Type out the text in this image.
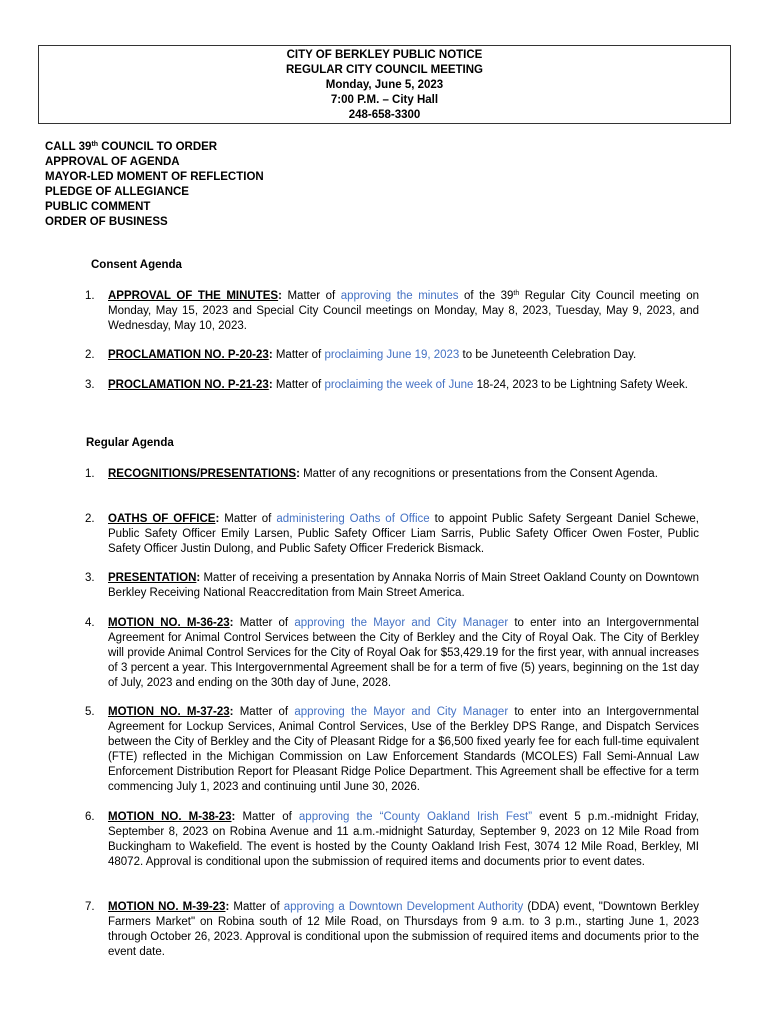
CITY OF BERKLEY PUBLIC NOTICE
REGULAR CITY COUNCIL MEETING
Monday, June 5, 2023
7:00 P.M. – City Hall
248-658-3300
CALL 39th COUNCIL TO ORDER
APPROVAL OF AGENDA
MAYOR-LED MOMENT OF REFLECTION
PLEDGE OF ALLEGIANCE
PUBLIC COMMENT
ORDER OF BUSINESS
Consent Agenda
1. APPROVAL OF THE MINUTES: Matter of approving the minutes of the 39th Regular City Council meeting on Monday, May 15, 2023 and Special City Council meetings on Monday, May 8, 2023, Tuesday, May 9, 2023, and Wednesday, May 10, 2023.
2. PROCLAMATION NO. P-20-23: Matter of proclaiming June 19, 2023 to be Juneteenth Celebration Day.
3. PROCLAMATION NO. P-21-23: Matter of proclaiming the week of June 18-24, 2023 to be Lightning Safety Week.
Regular Agenda
1. RECOGNITIONS/PRESENTATIONS: Matter of any recognitions or presentations from the Consent Agenda.
2. OATHS OF OFFICE: Matter of administering Oaths of Office to appoint Public Safety Sergeant Daniel Schewe, Public Safety Officer Emily Larsen, Public Safety Officer Liam Sarris, Public Safety Officer Owen Foster, Public Safety Officer Justin Dulong, and Public Safety Officer Frederick Bismack.
3. PRESENTATION: Matter of receiving a presentation by Annaka Norris of Main Street Oakland County on Downtown Berkley Receiving National Reaccreditation from Main Street America.
4. MOTION NO. M-36-23: Matter of approving the Mayor and City Manager to enter into an Intergovernmental Agreement for Animal Control Services between the City of Berkley and the City of Royal Oak. The City of Berkley will provide Animal Control Services for the City of Royal Oak for $53,429.19 for the first year, with annual increases of 3 percent a year. This Intergovernmental Agreement shall be for a term of five (5) years, beginning on the 1st day of July, 2023 and ending on the 30th day of June, 2028.
5. MOTION NO. M-37-23: Matter of approving the Mayor and City Manager to enter into an Intergovernmental Agreement for Lockup Services, Animal Control Services, Use of the Berkley DPS Range, and Dispatch Services between the City of Berkley and the City of Pleasant Ridge for a $6,500 fixed yearly fee for each full-time equivalent (FTE) reflected in the Michigan Commission on Law Enforcement Standards (MCOLES) Fall Semi-Annual Law Enforcement Distribution Report for Pleasant Ridge Police Department. This Agreement shall be effective for a term commencing July 1, 2023 and continuing until June 30, 2026.
6. MOTION NO. M-38-23: Matter of approving the “County Oakland Irish Fest” event 5 p.m.-midnight Friday, September 8, 2023 on Robina Avenue and 11 a.m.-midnight Saturday, September 9, 2023 on 12 Mile Road from Buckingham to Wakefield. The event is hosted by the County Oakland Irish Fest, 3074 12 Mile Road, Berkley, MI 48072. Approval is conditional upon the submission of required items and documents prior to event dates.
7. MOTION NO. M-39-23: Matter of approving a Downtown Development Authority (DDA) event, "Downtown Berkley Farmers Market" on Robina south of 12 Mile Road, on Thursdays from 9 a.m. to 3 p.m., starting June 1, 2023 through October 26, 2023. Approval is conditional upon the submission of required items and documents prior to the event date.
